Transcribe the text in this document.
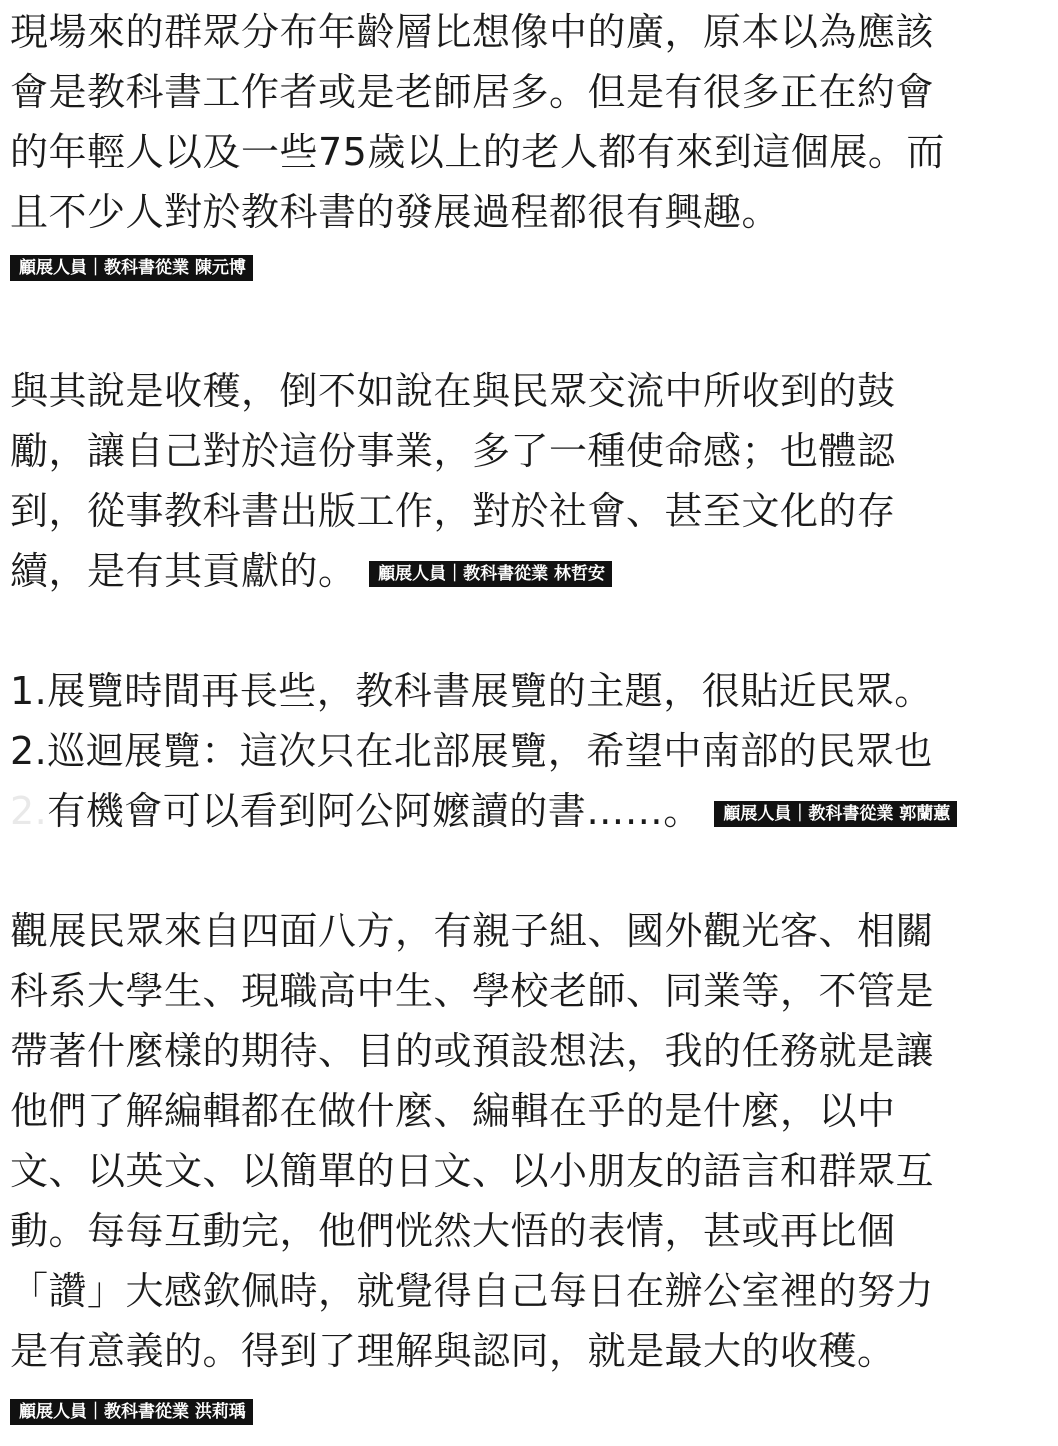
現場來的群眾分布年齡層比想像中的廣，原本以為應該
會是教科書工作者或是老師居多。但是有很多正在約會
的年輕人以及一些75歲以上的老人都有來到這個展。而
且不少人對於教科書的發展過程都很有興趣。
顧展人員｜教科書從業 陳元博
與其說是收穫，倒不如說在與民眾交流中所收到的鼓
勵，讓自己對於這份事業，多了一種使命感；也體認
到，從事教科書出版工作，對於社會、甚至文化的存
續，是有其貢獻的。 顧展人員｜教科書從業 林哲安
1.展覽時間再長些，教科書展覽的主題，很貼近民眾。
2.巡迴展覽：這次只在北部展覽，希望中南部的民眾也
2.有機會可以看到阿公阿嬤讀的書……。 顧展人員｜教科書從業 郭蘭蕙
觀展民眾來自四面八方，有親子組、國外觀光客、相關
科系大學生、現職高中生、學校老師、同業等，不管是
帶著什麼樣的期待、目的或預設想法，我的任務就是讓
他們了解編輯都在做什麼、編輯在乎的是什麼，以中
文、以英文、以簡單的日文、以小朋友的語言和群眾互
動。每每互動完，他們恍然大悟的表情，甚或再比個
「讚」大感欽佩時，就覺得自己每日在辦公室裡的努力
是有意義的。得到了理解與認同，就是最大的收穫。
顧展人員｜教科書從業 洪莉瑀
